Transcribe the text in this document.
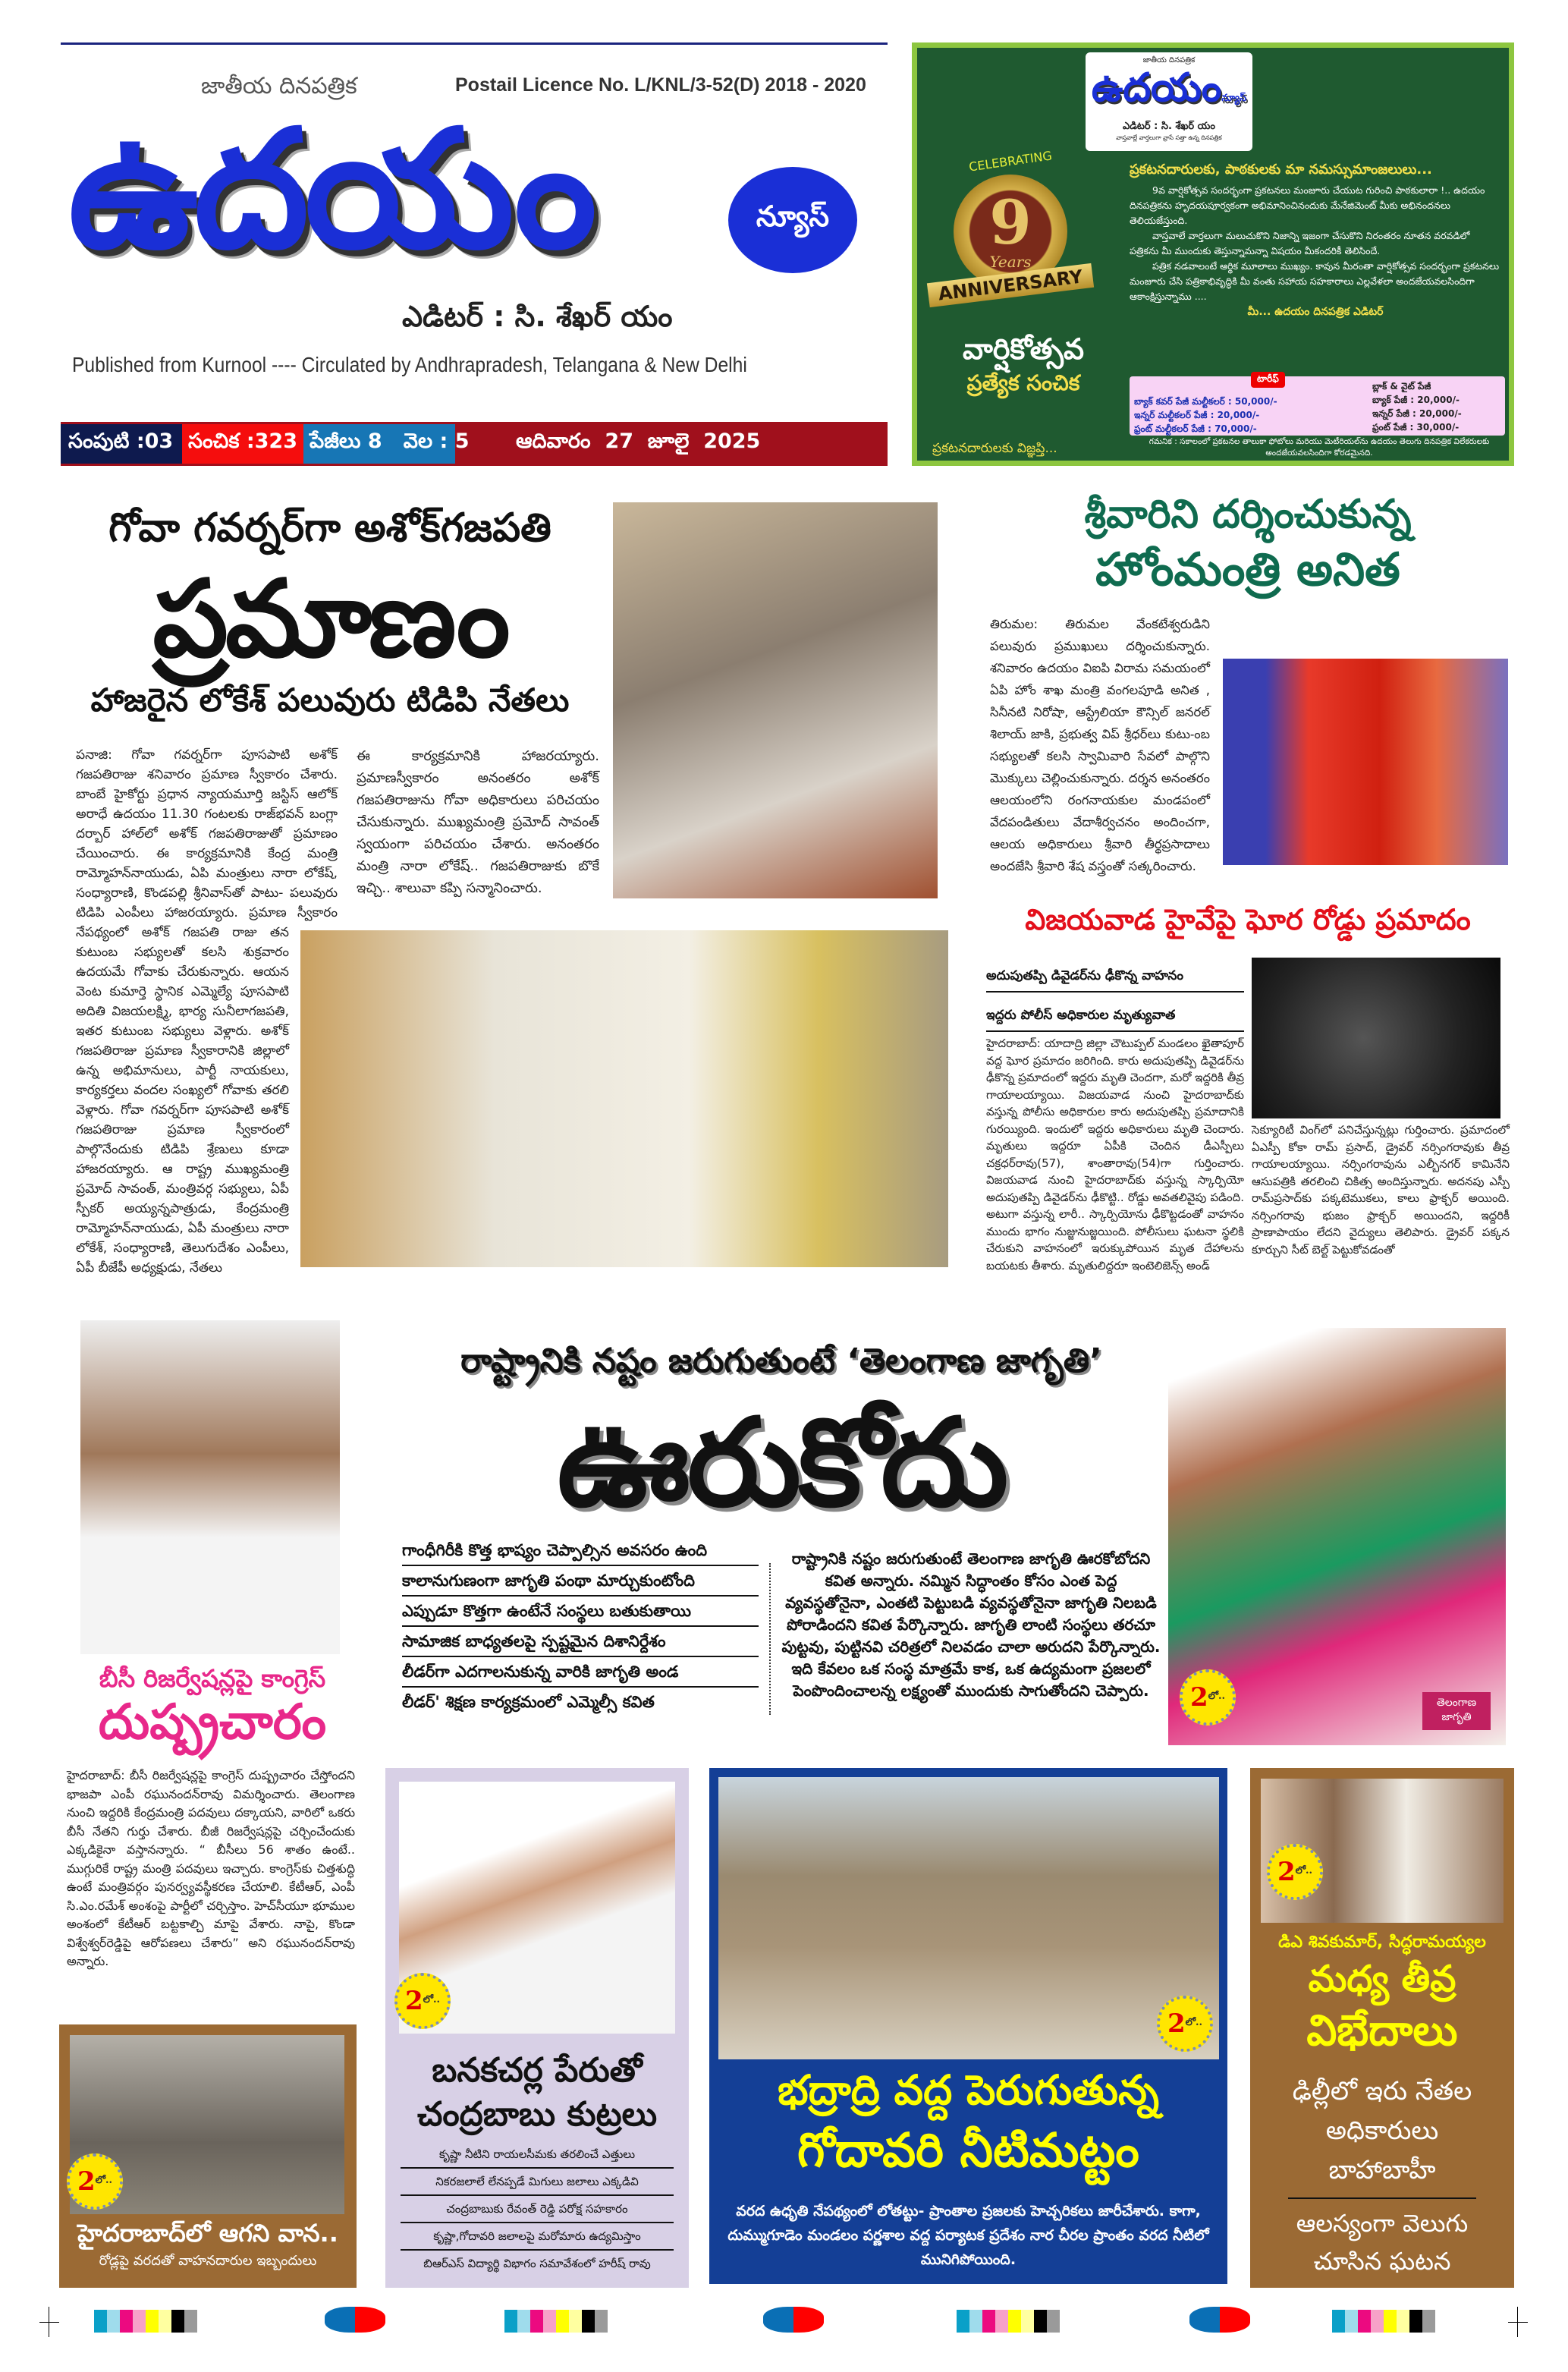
జాతీయ దినపత్రిక	Postail Licence No. L/KNL/3-52(D) 2018 - 2020
ఉదయం	న్యూస్
ఎడిటర్ : సి. శేఖర్ యం
Published from Kurnool ---- Circulated by Andhrapradesh, Telangana & New Delhi
సంపుటి :03 సంచిక :323 పేజీలు 8   వెల : 5 ఆదివారం  27  జూలై  2025
జాతీయ దినపత్రిక
ఉదయంన్యూస్
ఎడిటర్ : సి. శేఖర్ యం
వాస్తవాల్లే వార్తలుగా వ్రాసే సత్తా ఉన్న దినపత్రిక
CELEBRATING
9
Years
ANNIVERSARY
వార్షికోత్సవ
ప్రత్యేక సంచిక
ప్రకటనదారులకు విజ్ఞప్తి...
ప్రకటనదారులకు, పాఠకులకు మా నమస్సుమాంజలులు...

9వ వార్షికోత్సవ సందర్భంగా ప్రకటనలు మంజూరు చేయుట గురించి పాఠకులారా !.. ఉదయం దినపత్రికను హృదయపూర్వకంగా అభిమానించినందుకు మేనేజిమెంట్ మీకు అభినందనలు తెలియజేస్తుంది.

వాస్తవాలే వార్తలుగా మలుచుకొని నిజాన్ని ఇజంగా చేసుకొని నిరంతరం నూతన వరవడిలో పత్రికను మీ ముందుకు తెస్తున్నామన్నా విషయం మీకందరికీ తెలిసిందే.

పత్రిక నడవాలంటే ఆర్థిక మూలాలు ముఖ్యం. కావున మీరంతా వార్షికోత్సవ సందర్భంగా ప్రకటనలు మంజూరు చేసి పత్రికాభివృద్ధికి మీ వంతు సహాయ సహకారాలు ఎల్లవేళలా అందజేయవలసిందిగా ఆకాంక్షిస్తున్నాము ....

మీ... ఉదయం దినపత్రిక ఎడిటర్

టారీఫ్
బ్యాక్ కవర్ పేజీ మల్టీకలర్ : 50,000/-
ఇన్నర్ మల్టీకలర్ పేజీ : 20,000/-
ఫ్రంట్ మల్టీకలర్ పేజీ : 70,000/-
బ్లాక్ & వైట్ పేజీ
బ్యాక్ పేజీ : 20,000/-
ఇన్నర్ పేజీ : 20,000/-
ఫ్రంట్ పేజీ : 30,000/-
గమనిక : సకాలంలో ప్రకటనల తాలుకా ఫోటోలు మరియు మెటీరియల్‌ను ఉదయం తెలుగు దినపత్రిక విలేకరులకు అందజేయవలసిందిగా కోరడమైనది.
గోవా గవర్నర్‌గా అశోక్‌గజపతి
ప్రమాణం
హాజరైన లోకేశ్ పలువురు టిడిపి నేతలు
పనాజి: గోవా గవర్నర్‌గా పూసపాటి అశోక్ గజపతిరాజు శనివారం ప్రమాణ స్వీకారం చేశారు. బాంబే హైకోర్టు ప్రధాన న్యాయమూర్తి జస్టిస్ ఆలోక్ అరాధే ఉదయం 11.30 గంటలకు రాజ్‌భవన్ బంగ్లా దర్బార్ హాల్‌లో అశోక్ గజపతిరాజుతో ప్రమాణం చేయించారు. ఈ కార్యక్రమానికి కేంద్ర మంత్రి రామ్మోహన్‌నాయుడు, ఏపి మంత్రులు నారా లోకేష్, సంధ్యారాణి, కొండపల్లి శ్రీనివాస్‌తో పాటు- పలువురు టిడిపి ఎంపీలు హాజరయ్యారు. ప్రమాణ స్వీకారం నేపథ్యంలో అశోక్ గజపతి రాజు తన కుటుంబ సభ్యులతో కలసి శుక్రవారం ఉదయమే గోవాకు చేరుకున్నారు. ఆయన వెంట కుమార్తె స్థానిక ఎమ్మెల్యే పూసపాటి అదితి విజయలక్ష్మి, భార్య సునీలాగజపతి, ఇతర కుటుంబ సభ్యులు వెళ్లారు. అశోక్ గజపతిరాజు ప్రమాణ స్వీకారానికి జిల్లాలో ఉన్న అభిమానులు, పార్టీ నాయకులు, కార్యకర్తలు వందల సంఖ్యలో గోవాకు తరలి వెళ్లారు. గోవా గవర్నర్‌గా పూసపాటి అశోక్ గజపతిరాజు ప్రమాణ స్వీకారంలో పాల్గొనేందుకు టిడిపి శ్రేణులు కూడా హాజరయ్యారు. ఆ రాష్ట్ర ముఖ్యమంత్రి ప్రమోద్ సావంత్, మంత్రివర్గ సభ్యులు, ఏపీ స్పీకర్ అయ్యన్నపాత్రుడు, కేంద్రమంత్రి రామ్మోహన్‌నాయుడు, ఏపీ మంత్రులు నారా లోకేశ్, సంధ్యారాణి, తెలుగుదేశం ఎంపీలు, ఏపీ బీజేపీ అధ్యక్షుడు, నేతలు
ఈ కార్యక్రమానికి హాజరయ్యారు. ప్రమాణస్వీకారం అనంతరం అశోక్ గజపతిరాజును గోవా అధికారులు పరిచయం చేసుకున్నారు. ముఖ్యమంత్రి ప్రమోద్ సావంత్ స్వయంగా పరిచయం చేశారు. అనంతరం మంత్రి నారా లోకేష్.. గజపతిరాజుకు బొకే ఇచ్చి.. శాలువా కప్పి సన్మానించారు.
శ్రీవారిని దర్శించుకున్న
హోంమంత్రి అనిత
తిరుమల: తిరుమల వేంకటేశ్వరుడిని పలువురు ప్రముఖులు దర్శించుకున్నారు. శనివారం ఉదయం విఐపి విరామ సమయంలో ఏపి హోం శాఖ మంత్రి వంగలపూడి అనిత , సినీనటి నిరోషా, ఆస్ట్రేలియా కౌన్సిల్ జనరల్ శిలాయ్ జాకి, ప్రభుత్వ విప్ శ్రీధర్‌లు కుటు-ంబ సభ్యులతో కలసి స్వామివారి సేవలో పాల్గొని మొక్కులు చెల్లించుకున్నారు. దర్శన అనంతరం ఆలయంలోని రంగనాయకుల మండపంలో వేదపండితులు వేదాశీర్వచనం అందించగా, ఆలయ అధికారులు శ్రీవారి తీర్థప్రసాదాలు అందజేసి శ్రీవారి శేష వస్త్రంతో సత్కరించారు.
విజయవాడ హైవేపై ఘోర రోడ్డు ప్రమాదం
అదుపుతప్పి డివైడర్‌ను ఢీకొన్న వాహనం
ఇద్దరు పోలీస్ అధికారుల మృత్యువాత
హైదరాబాద్: యాదాద్రి జిల్లా చౌటుప్పల్ మండలం ఖైతాపూర్ వద్ద ఘోర ప్రమాదం జరిగింది. కారు అదుపుతప్పి డివైడర్‌ను ఢీకొన్న ప్రమాదంలో ఇద్దరు మృతి చెందగా, మరో ఇద్దరికి తీవ్ర గాయాలయ్యాయి. విజయవాడ నుంచి హైదరాబాద్‌కు వస్తున్న పోలీసు అధికారుల కారు అదుపుతప్పి ప్రమాదానికి గురయ్యింది. ఇందులో ఇద్దరు అధికారులు మృతి చెందారు. మృతులు ఇద్దరూ ఏపీకి చెందిన డీఎస్పీలు చక్రధర్‌రావు(57), శాంతారావు(54)గా గుర్తించారు. విజయవాడ నుంచి హైదరాబాద్‌కు వస్తున్న స్కార్పియో అదుపుతప్పి డివైడర్‌ను ఢీకొట్టి.. రోడ్డు అవతలివైపు పడింది. అటుగా వస్తున్న లారీ.. స్కార్పియోను ఢీకొట్టడంతో వాహనం ముందు భాగం నుజ్జునుజ్జయింది. పోలీసులు ఘటనా స్థలికి చేరుకుని వాహనంలో ఇరుక్కుపోయిన మృత దేహాలను బయటకు తీశారు. మృతులిద్దరూ ఇంటెలిజెన్స్ అండ్
సెక్యూరిటీ వింగ్‌లో పనిచేస్తున్నట్లు గుర్తించారు. ప్రమాదంలో ఏఎస్పీ కోకా రామ్ ప్రసాద్, డ్రైవర్ నర్సింగరావుకు తీవ్ర గాయాలయ్యాయి. నర్సింగరావును ఎల్బీనగర్ కామినేని ఆసుపత్రికి తరలించి చికిత్స అందిస్తున్నారు. అదనపు ఎస్పీ రామ్‌ప్రసాద్‌కు పక్కటెముకలు, కాలు ఫ్రాక్చర్ అయింది. నర్సింగరావు భుజం ఫ్రాక్చర్ అయిందని, ఇద్దరికీ ప్రాణాపాయం లేదని వైద్యులు తెలిపారు. డ్రైవర్ పక్కన కూర్చుని సీట్ బెల్ట్ పెట్టుకోవడంతో
రాష్ట్రానికి నష్టం జరుగుతుంటే ‘తెలంగాణ జాగృతి’
ఊరుకోదు
తెలంగాణ జాగృతి
2 లో..
గాంధీగిరీకి కొత్త భాష్యం చెప్పాల్సిన అవసరం ఉంది
కాలానుగుణంగా జాగృతి పంథా మార్చుకుంటోంది
ఎప్పుడూ కొత్తగా ఉంటేనే సంస్థలు బతుకుతాయి
సామాజిక బాధ్యతలపై స్పష్టమైన దిశానిర్దేశం
లీడర్‌గా ఎదగాలనుకున్న వారికి జాగృతి అండ
లీడర్' శిక్షణ కార్యక్రమంలో ఎమ్మెల్సీ కవిత
రాష్ట్రానికి నష్టం జరుగుతుంటే తెలంగాణ జాగృతి ఊరకోబోదని కవిత అన్నారు. నమ్మిన సిద్ధాంతం కోసం ఎంత పెద్ద వ్యవస్థతోనైనా, ఎంతటి పెట్టుబడి వ్యవస్థతోనైనా జాగృతి నిలబడి పోరాడిందని కవిత పేర్కొన్నారు. జాగృతి లాంటి సంస్థలు తరచూ పుట్టవు, పుట్టినవి చరిత్రలో నిలవడం చాలా అరుదని పేర్కొన్నారు. ఇది కేవలం ఒక సంస్థ మాత్రమే కాక, ఒక ఉద్యమంగా ప్రజలలో పెంపొందించాలన్న లక్ష్యంతో ముందుకు సాగుతోందని చెప్పారు.
బీసీ రిజర్వేషన్లపై కాంగ్రెస్
దుష్ప్రచారం
హైదరాబాద్: బీసీ రిజర్వేషన్లపై కాంగ్రెస్ దుష్ప్రచారం చేస్తోందని భాజపా ఎంపీ రఘునందన్‌రావు విమర్శించారు. తెలంగాణ నుంచి ఇద్దరికి కేంద్రమంత్రి పదవులు దక్కాయని, వారిలో ఒకరు బీసీ నేతని గుర్తు చేశారు. బీజీ రిజర్వేషన్లపై చర్చించేందుకు ఎక్కడికైనా వస్తానన్నారు. “ బీసీలు 56 శాతం ఉంటే.. ముగ్గురికే రాష్ట్ర మంత్రి పదవులు ఇచ్చారు. కాంగ్రెస్‌కు చిత్తశుద్ధి ఉంటే మంత్రివర్గం పునర్వ్యవస్థీకరణ చేయాలి. కేటీఆర్, ఎంపీ సి.ఎం.రమేశ్ అంశంపై పార్టీలో చర్చిస్తాం. హెచ్‌సీయూ భూముల అంశంలో కేటీఆర్ బట్టకాల్చి మాపై వేశారు. నాపై, కొండా విశ్వేశ్వర్‌రెడ్డిపై ఆరోపణలు చేశారు” అని రఘునందన్‌రావు అన్నారు.
2 లో..
హైదరాబాద్‌లో ఆగని వాన..
రోడ్లపై వరదతో వాహనదారుల ఇబ్బందులు
2 లో..
బనకచర్ల పేరుతో చంద్రబాబు కుట్రలు
కృష్ణా నీటిని రాయలసీమకు తరలించే ఎత్తులు
నికరజలాలే లేనప్పడే మిగులు జలాలు ఎక్కడివి
చంద్రబాబుకు రేవంత్ రెడ్డి పరోక్ష సహకారం
కృష్ణా,గోదావరి జలాలపై మరోమారు ఉద్యమిస్తాం
బిఆర్ఎస్ విద్యార్థి విభాగం సమావేశంలో హరీష్ రావు
2 లో..
భద్రాద్రి వద్ద పెరుగుతున్న
గోదావరి నీటిమట్టం
వరద ఉధృతి నేపథ్యంలో లోతట్టు- ప్రాంతాల ప్రజలకు హెచ్చరికలు జారీచేశారు. కాగా, దుమ్ముగూడెం మండలం పర్ణశాల వద్ద పర్యాటక ప్రదేశం నార చీరల ప్రాంతం వరద నీటిలో మునిగిపోయింది.
2 లో..
డిఎ శివకుమార్, సిద్ధరామయ్యల
మధ్య తీవ్ర
విభేదాలు
ఢిల్లీలో ఇరు నేతల అధికారులు బాహాబాహీ
ఆలస్యంగా వెలుగు చూసిన ఘటన
